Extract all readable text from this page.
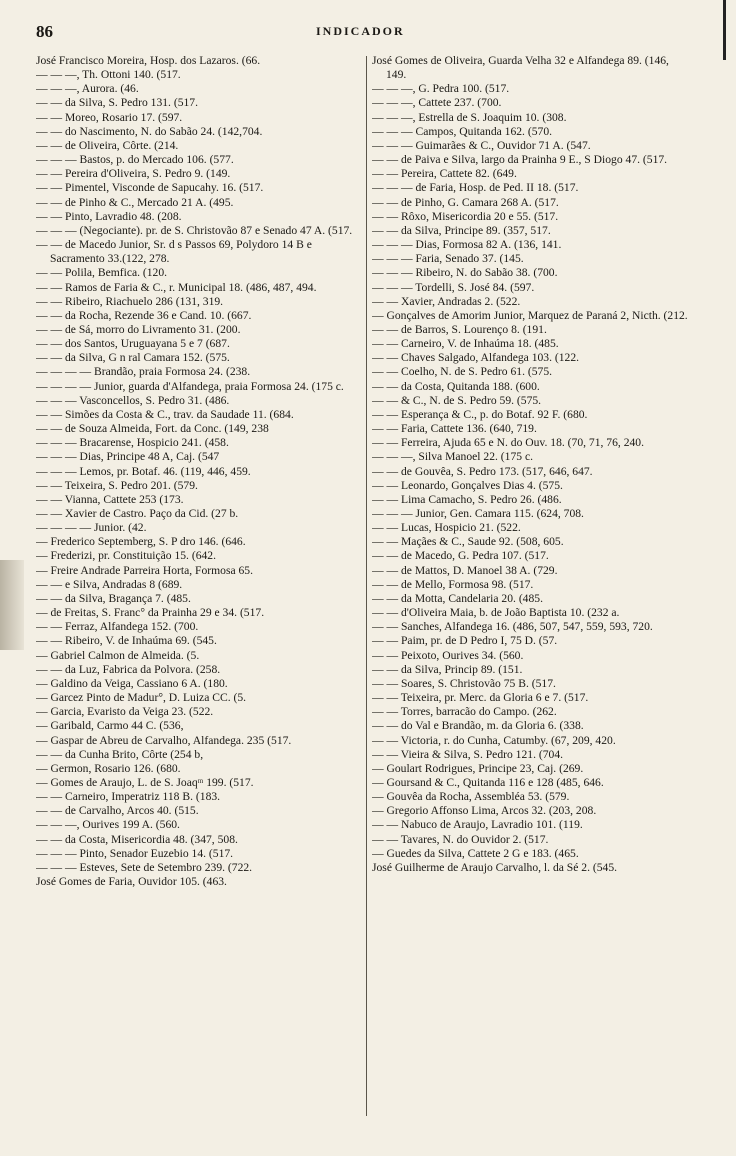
86	INDICADOR
José Francisco Moreira, Hosp. dos Lazaros. (66.
— — —, Th. Ottoni 140. (517.
— — —, Aurora. (46.
— — da Silva, S. Pedro 131. (517.
— — Moreo, Rosario 17. (597.
— — do Nascimento, N. do Sabão 24. (142,704.
— — de Oliveira, Côrte. (214.
— — — Bastos, p. do Mercado 106. (577.
— — Pereira d'Oliveira, S. Pedro 9. (149.
— — Pimentel, Visconde de Sapucahy. 16. (517.
— — de Pinho & C., Mercado 21 A. (495.
— — Pinto, Lavradio 48. (208.
— — — (Negociante). pr. de S. Christovão 87 e Senado 47 A. (517.
— — de Macedo Junior, Sr. d s Passos 69, Polydoro 14 B e Sacramento 33.(122, 278.
— — Polila, Bemfica. (120.
— — Ramos de Faria & C., r. Municipal 18. (486, 487, 494.
— — Ribeiro, Riachuelo 286 (131, 319.
— — da Rocha, Rezende 36 e Cand. 10. (667.
— — de Sá, morro do Livramento 31. (200.
— — dos Santos, Uruguayana 5 e 7 (687.
— — da Silva, G n ral Camara 152. (575.
— — — — Brandão, praia Formosa 24. (238.
— — — — Junior, guarda d'Alfandega, praia Formosa 24. (175 c.
— — — Vasconcellos, S. Pedro 31. (486.
— — Simões da Costa & C., trav. da Saudade 11. (684.
— — de Souza Almeida, Fort. da Conc. (149, 238
— — — Bracarense, Hospicio 241. (458.
— — — Dias, Principe 48 A, Caj. (547
— — — Lemos, pr. Botaf. 46. (119, 446, 459.
— — Teixeira, S. Pedro 201. (579.
— — Vianna, Cattete 253 (173.
— — Xavier de Castro. Paço da Cid. (27 b.
— — — — Junior. (42.
— Frederico Septemberg, S. P dro 146. (646.
— Frederizi, pr. Constituição 15. (642.
— Freire Andrade Parreira Horta, Formosa 65.
— — e Silva, Andradas 8 (689.
— — da Silva, Bragança 7. (485.
— de Freitas, S. Franc° da Prainha 29 e 34. (517.
— — Ferraz, Alfandega 152. (700.
— — Ribeiro, V. de Inhaúma 69. (545.
— Gabriel Calmon de Almeida. (5.
— — da Luz, Fabrica da Polvora. (258.
— Galdino da Veiga, Cassiano 6 A. (180.
— Garcez Pinto de Madur°, D. Luiza CC. (5.
— Garcia, Evaristo da Veiga 23. (522.
— Garibald, Carmo 44 C. (536,
— Gaspar de Abreu de Carvalho, Alfandega. 235 (517.
— — da Cunha Brito, Côrte (254 b,
— Germon, Rosario 126. (680.
— Gomes de Araujo, L. de S. Joaqᵐ 199. (517.
— — Carneiro, Imperatriz 118 B. (183.
— — de Carvalho, Arcos 40. (515.
— — —, Ourives 199 A. (560.
— — da Costa, Misericordia 48. (347, 508.
— — — Pinto, Senador Euzebio 14. (517.
— — — Esteves, Sete de Setembro 239. (722.
José Gomes de Faria, Ouvidor 105. (463.
José Gomes de Oliveira, Guarda Velha 32 e Alfandega 89. (146, 149.
— — —, G. Pedra 100. (517.
— — —, Cattete 237. (700.
— — —, Estrella de S. Joaquim 10. (308.
— — — Campos, Quitanda 162. (570.
— — — Guimarães & C., Ouvidor 71 A. (547.
— — de Paiva e Silva, largo da Prainha 9 E., S Diogo 47. (517.
— — Pereira, Cattete 82. (649.
— — — de Faria, Hosp. de Ped. II 18. (517.
— — de Pinho, G. Camara 268 A. (517.
— — Rôxo, Misericordia 20 e 55. (517.
— — da Silva, Principe 89. (357, 517.
— — — Dias, Formosa 82 A. (136, 141.
— — — Faria, Senado 37. (145.
— — — Ribeiro, N. do Sabão 38. (700.
— — — Tordelli, S. José 84. (597.
— — Xavier, Andradas 2. (522.
— Gonçalves de Amorim Junior, Marquez de Paraná 2, Nicth. (212.
— — de Barros, S. Lourenço 8. (191.
— — Carneiro, V. de Inhaúma 18. (485.
— — Chaves Salgado, Alfandega 103. (122.
— — Coelho, N. de S. Pedro 61. (575.
— — da Costa, Quitanda 188. (600.
— — & C., N. de S. Pedro 59. (575.
— — Esperança & C., p. do Botaf. 92 F. (680.
— — Faria, Cattete 136. (640, 719.
— — Ferreira, Ajuda 65 e N. do Ouv. 18. (70, 71, 76, 240.
— — —, Silva Manoel 22. (175 c.
— — de Gouvêa, S. Pedro 173. (517, 646, 647.
— — Leonardo, Gonçalves Dias 4. (575.
— — Lima Camacho, S. Pedro 26. (486.
— — — Junior, Gen. Camara 115. (624, 708.
— — Lucas, Hospicio 21. (522.
— — Maçães & C., Saude 92. (508, 605.
— — de Macedo, G. Pedra 107. (517.
— — de Mattos, D. Manoel 38 A. (729.
— — de Mello, Formosa 98. (517.
— — da Motta, Candelaria 20. (485.
— — d'Oliveira Maia, b. de João Baptista 10. (232 a.
— — Sanches, Alfandega 16. (486, 507, 547, 559, 593, 720.
— — Paim, pr. de D Pedro I, 75 D. (57.
— — Peixoto, Ourives 34. (560.
— — da Silva, Princip 89. (151.
— — Soares, S. Christovão 75 B. (517.
— — Teixeira, pr. Merc. da Gloria 6 e 7. (517.
— — Torres, barracão do Campo. (262.
— — do Val e Brandão, m. da Gloria 6. (338.
— — Victoria, r. do Cunha, Catumby. (67, 209, 420.
— — Vieira & Silva, S. Pedro 121. (704.
— Goulart Rodrigues, Principe 23, Caj. (269.
— Goursand & C., Quitanda 116 e 128 (485, 646.
— Gouvêa da Rocha, Assembléa 53. (579.
— Gregorio Affonso Lima, Arcos 32. (203, 208.
— — Nabuco de Araujo, Lavradio 101. (119.
— — Tavares, N. do Ouvidor 2. (517.
— Guedes da Silva, Cattete 2 G e 183. (465.
José Guilherme de Araujo Carvalho, l. da Sé 2. (545.
